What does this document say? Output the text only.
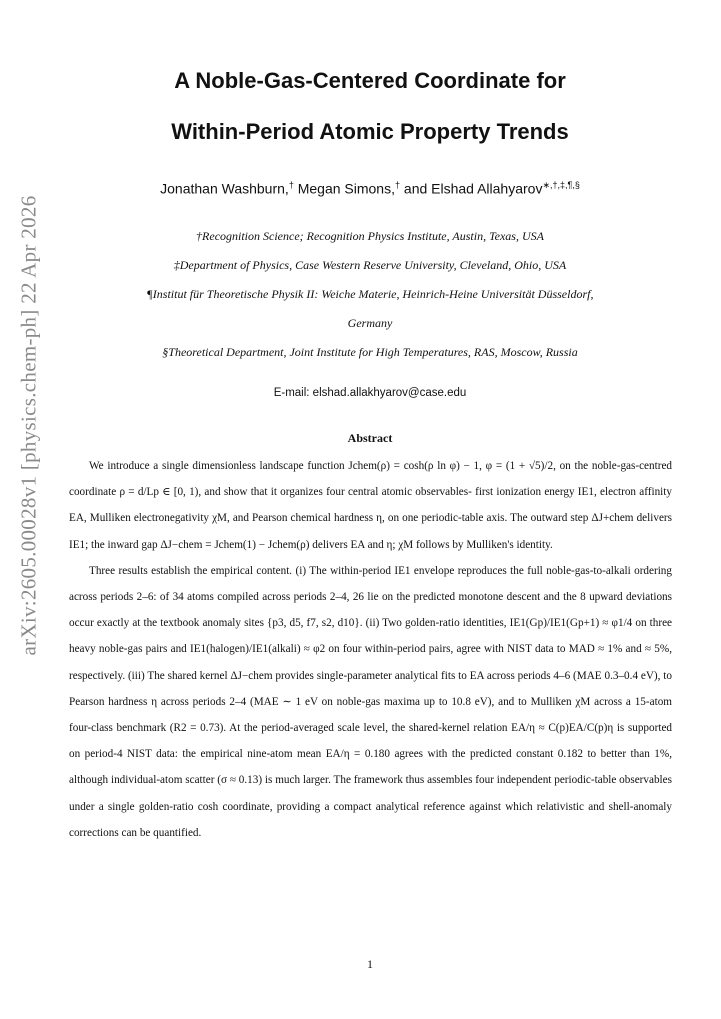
arXiv:2605.00028v1 [physics.chem-ph] 22 Apr 2026
A Noble-Gas-Centered Coordinate for
Within-Period Atomic Property Trends
Jonathan Washburn,† Megan Simons,† and Elshad Allahyarov∗,†,‡,¶,§
†Recognition Science; Recognition Physics Institute, Austin, Texas, USA
‡Department of Physics, Case Western Reserve University, Cleveland, Ohio, USA
¶Institut für Theoretische Physik II: Weiche Materie, Heinrich-Heine Universität Düsseldorf,
Germany
§Theoretical Department, Joint Institute for High Temperatures, RAS, Moscow, Russia
E-mail: elshad.allakhyarov@case.edu
Abstract

We introduce a single dimensionless landscape function Jchem(ρ) = cosh(ρ ln φ) − 1, φ = (1 + √5)/2, on the noble-gas-centred coordinate ρ = d/Lp ∈ [0, 1), and show that it organizes four central atomic observables- first ionization energy IE1, electron affinity EA, Mulliken electronegativity χM, and Pearson chemical hardness η, on one periodic-table axis. The outward step ΔJ+chem delivers IE1; the inward gap ΔJ−chem = Jchem(1) − Jchem(ρ) delivers EA and η; χM follows by Mulliken's identity.

Three results establish the empirical content. (i) The within-period IE1 envelope reproduces the full noble-gas-to-alkali ordering across periods 2–6: of 34 atoms compiled across periods 2–4, 26 lie on the predicted monotone descent and the 8 upward deviations occur exactly at the textbook anomaly sites {p3, d5, f7, s2, d10}. (ii) Two golden-ratio identities, IE1(Gp)/IE1(Gp+1) ≈ φ1/4 on three heavy noble-gas pairs and IE1(halogen)/IE1(alkali) ≈ φ2 on four within-period pairs, agree with NIST data to MAD ≈ 1% and ≈ 5%, respectively. (iii) The shared kernel ΔJ−chem provides single-parameter analytical fits to EA across periods 4–6 (MAE 0.3–0.4 eV), to Pearson hardness η across periods 2–4 (MAE ∼ 1 eV on noble-gas maxima up to 10.8 eV), and to Mulliken χM across a 15-atom four-class benchmark (R2 = 0.73). At the period-averaged scale level, the shared-kernel relation EA/η ≈ C(p)EA/C(p)η is supported on period-4 NIST data: the empirical nine-atom mean EA/η = 0.180 agrees with the predicted constant 0.182 to better than 1%, although individual-atom scatter (σ ≈ 0.13) is much larger. The framework thus assembles four independent periodic-table observables under a single golden-ratio cosh coordinate, providing a compact analytical reference against which relativistic and shell-anomaly corrections can be quantified.

1
